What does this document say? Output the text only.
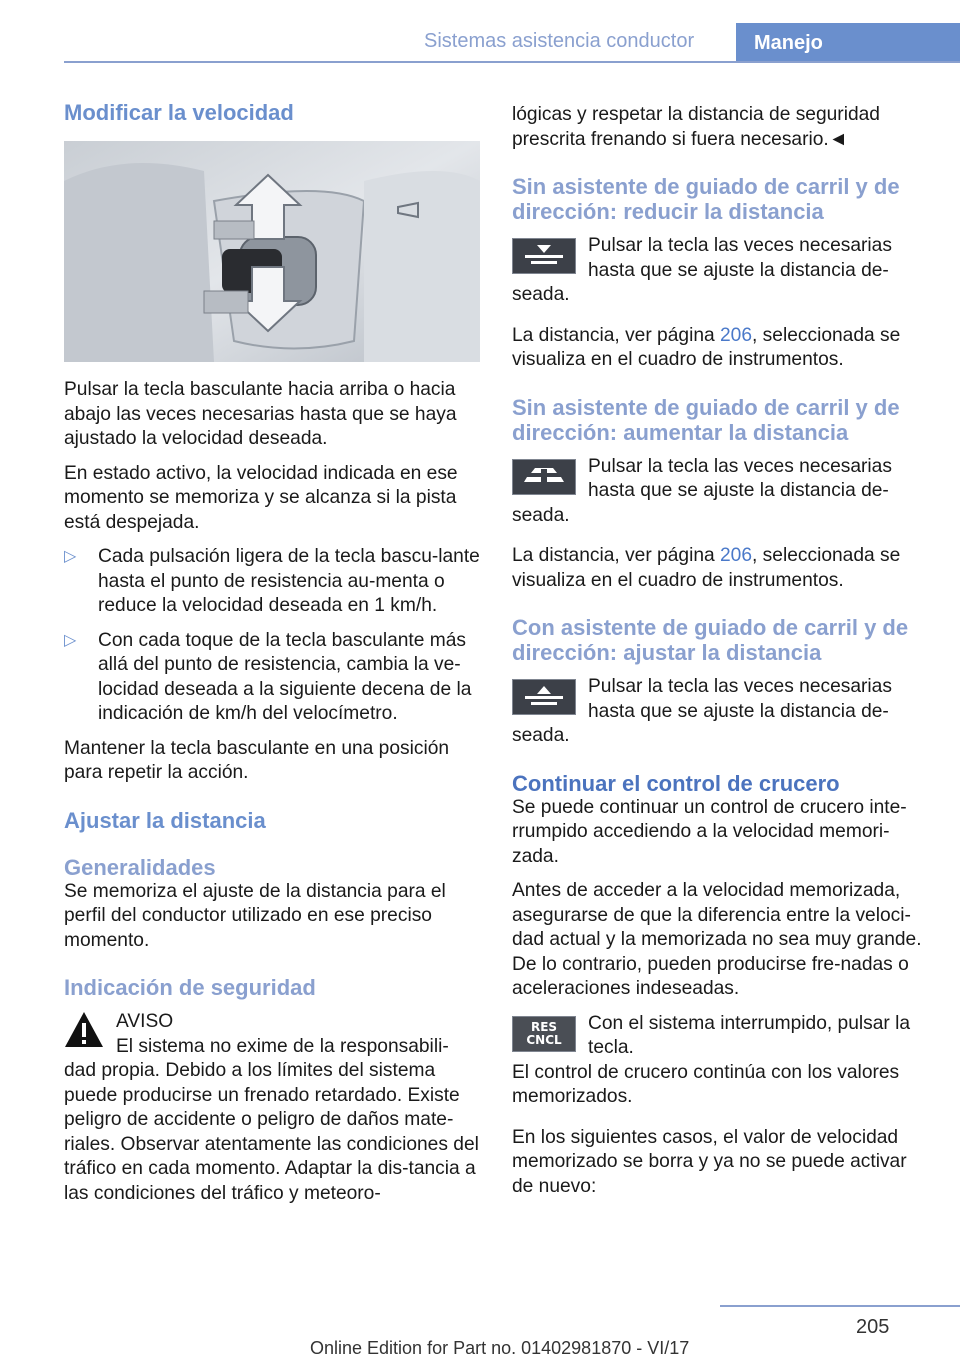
Sistemas asistencia conductor	Manejo
Modificar la velocidad

Pulsar la tecla basculante hacia arriba o hacia abajo las veces necesarias hasta que se haya ajustado la velocidad deseada.

En estado activo, la velocidad indicada en ese momento se memoriza y se alcanza si la pista está despejada.

▷ Cada pulsación ligera de la tecla bascu-lante hasta el punto de resistencia au-menta o reduce la velocidad deseada en 1 km/h.
▷ Con cada toque de la tecla basculante más allá del punto de resistencia, cambia la ve-locidad deseada a la siguiente decena de la indicación de km/h del velocímetro.

Mantener la tecla basculante en una posición para repetir la acción.

Ajustar la distancia
Generalidades

Se memoriza el ajuste de la distancia para el perfil del conductor utilizado en ese preciso momento.

Indicación de seguridad

AVISO

El sistema no exime de la responsabili-dad propia. Debido a los límites del sistema puede producirse un frenado retardado. Existe peligro de accidente o peligro de daños mate-riales. Observar atentamente las condiciones del tráfico en cada momento. Adaptar la dis-tancia a las condiciones del tráfico y meteoro-

lógicas y respetar la distancia de seguridad prescrita frenando si fuera necesario.◄

Sin asistente de guiado de carril y de dirección: reducir la distancia

Pulsar la tecla las veces necesarias hasta que se ajuste la distancia de-seada.

La distancia, ver página 206, seleccionada se visualiza en el cuadro de instrumentos.

Sin asistente de guiado de carril y de dirección: aumentar la distancia

Pulsar la tecla las veces necesarias hasta que se ajuste la distancia de-seada.

La distancia, ver página 206, seleccionada se visualiza en el cuadro de instrumentos.

Con asistente de guiado de carril y de dirección: ajustar la distancia

Pulsar la tecla las veces necesarias hasta que se ajuste la distancia de-seada.

Continuar el control de crucero

Se puede continuar un control de crucero inte-rrumpido accediendo a la velocidad memori-zada.

Antes de acceder a la velocidad memorizada, asegurarse de que la diferencia entre la veloci-dad actual y la memorizada no sea muy grande. De lo contrario, pueden producirse fre-nadas o aceleraciones indeseadas.

RES
CNCL

Con el sistema interrumpido, pulsar la tecla.

El control de crucero continúa con los valores memorizados.

En los siguientes casos, el valor de velocidad memorizado se borra y ya no se puede activar de nuevo:

205
Online Edition for Part no. 01402981870 - VI/17
